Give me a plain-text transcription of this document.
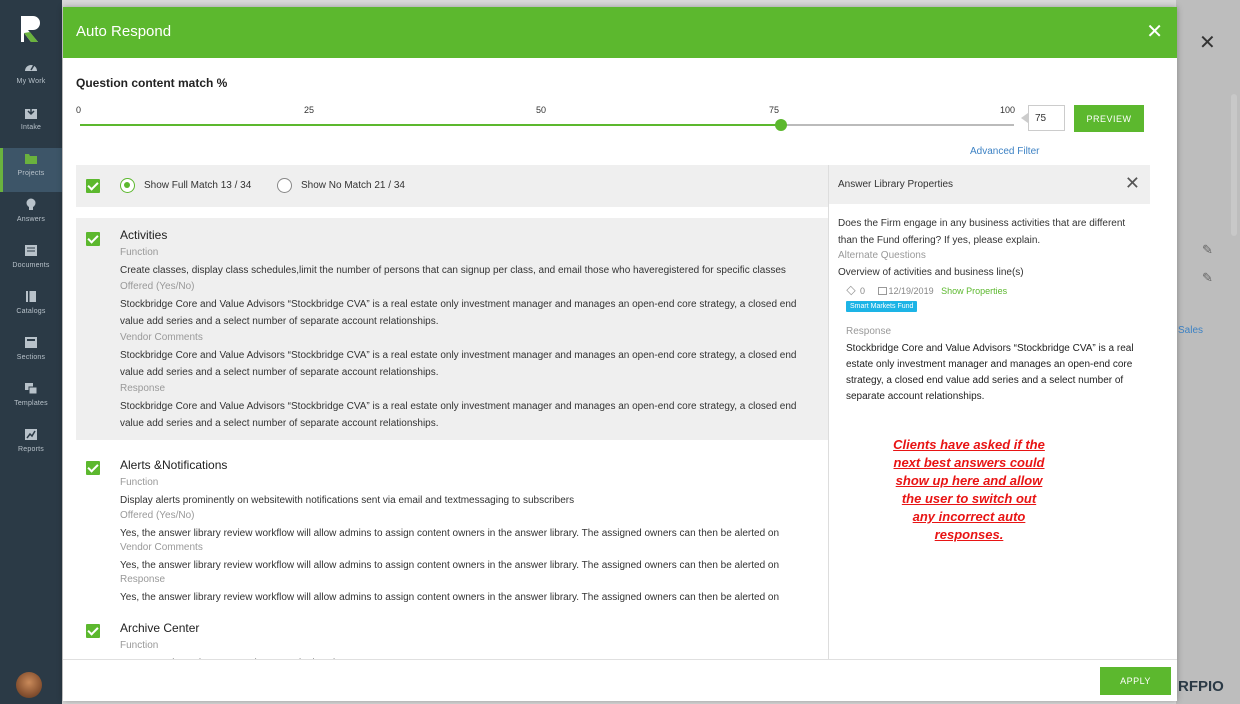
My Work
Intake
Projects
Answers
Documents
Catalogs
Sections
Templates
Reports
✕
✎
✎
Sales
RFPIO
Auto Respond	✕
Question content match %
0	25	50	75	100
75
PREVIEW
Advanced Filter
Show Full Match 13 / 34	Show No Match 21 / 34
Activities
Function
Create classes, display class schedules,limit the number of persons that can signup per class, and email those who haveregistered for specific classes
Offered (Yes/No)
Stockbridge Core and Value Advisors “Stockbridge CVA” is a real estate only investment manager and manages an open-end core strategy, a closed end value add series and a select number of separate account relationships.
Vendor Comments
Stockbridge Core and Value Advisors “Stockbridge CVA” is a real estate only investment manager and manages an open-end core strategy, a closed end value add series and a select number of separate account relationships.
Response
Stockbridge Core and Value Advisors “Stockbridge CVA” is a real estate only investment manager and manages an open-end core strategy, a closed end value add series and a select number of separate account relationships.
Alerts &Notifications
Function
Display alerts prominently on websitewith notifications sent via email and textmessaging to subscribers
Offered (Yes/No)
Yes, the answer library review workflow will allow admins to assign content owners in the answer library. The assigned owners can then be alerted on
Vendor Comments
Yes, the answer library review workflow will allow admins to assign content owners in the answer library. The assigned owners can then be alerted on
Response
Yes, the answer library review workflow will allow admins to assign content owners in the answer library. The assigned owners can then be alerted on
Archive Center
Function
Answer Library Properties	✕
Does the Firm engage in any business activities that are different than the Fund offering? If yes, please explain.
Alternate Questions
Overview of activities and business line(s)
0	12/19/2019 Show Properties
Smart Markets Fund
Response
Stockbridge Core and Value Advisors “Stockbridge CVA” is a real estate only investment manager and manages an open-end core strategy, a closed end value add series and a select number of separate account relationships.
Clients have asked if the next best answers could show up here and allow the user to switch out any incorrect auto responses.
APPLY
